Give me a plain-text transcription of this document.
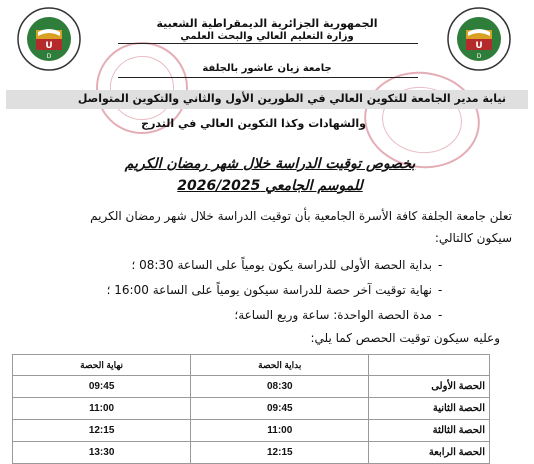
U
D
U
D
الجمهورية الجزائرية الديمقراطية الشعبية
وزارة التعليم العالي والبحث العلمي
جامعة زيان عاشور بالجلفة
نيابة مدير الجامعة للتكوين العالي في الطورين الأول والثاني والتكوين المتواصل
والشهادات وكذا التكوين العالي في التدرج
بخصوص توقيت الدراسة خلال شهر رمضان الكريم
للموسم الجامعي 2026/2025
تعلن جامعة الجلفة كافة الأسرة الجامعية بأن توقيت الدراسة خلال شهر رمضان الكريم
سيكون كالتالي:
-
بداية الحصة الأولى للدراسة يكون يومياً على الساعة 08:30 ؛
-
نهاية توقيت آخر حصة للدراسة سيكون يومياً على الساعة 16:00 ؛
-
مدة الحصة الواحدة: ساعة وربع الساعة؛
وعليه سيكون توقيت الحصص كما يلي:
	بداية الحصة	نهاية الحصة
الحصة الأولى	08:30	09:45
الحصة الثانية	09:45	11:00
الحصة الثالثة	11:00	12:15
الحصة الرابعة	12:15	13:30
